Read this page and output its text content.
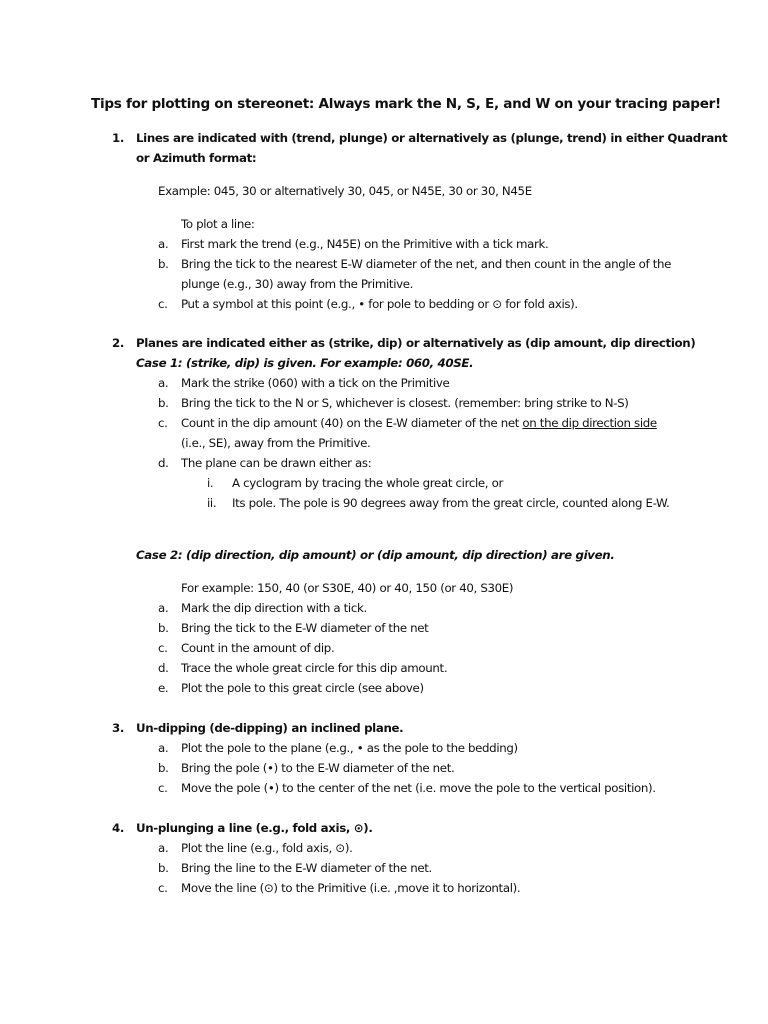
Tips for plotting on stereonet: Always mark the N, S, E, and W on your tracing paper!
1. Lines are indicated with (trend, plunge) or alternatively as (plunge, trend) in either Quadrant
or Azimuth format:
Example: 045, 30 or alternatively 30, 045, or N45E, 30 or 30, N45E
To plot a line:
a. First mark the trend (e.g., N45E) on the Primitive with a tick mark.
b. Bring the tick to the nearest E-W diameter of the net, and then count in the angle of the
plunge (e.g., 30) away from the Primitive.
c. Put a symbol at this point (e.g., • for pole to bedding or ⊙ for fold axis).
2. Planes are indicated either as (strike, dip) or alternatively as (dip amount, dip direction)
Case 1: (strike, dip) is given. For example: 060, 40SE.
a. Mark the strike (060) with a tick on the Primitive
b. Bring the tick to the N or S, whichever is closest. (remember: bring strike to N-S)
c. Count in the dip amount (40) on the E-W diameter of the net on the dip direction side
(i.e., SE), away from the Primitive.
d. The plane can be drawn either as:
i. A cyclogram by tracing the whole great circle, or
ii. Its pole. The pole is 90 degrees away from the great circle, counted along E-W.
Case 2: (dip direction, dip amount) or (dip amount, dip direction) are given.
For example: 150, 40 (or S30E, 40) or 40, 150 (or 40, S30E)
a. Mark the dip direction with a tick.
b. Bring the tick to the E-W diameter of the net
c. Count in the amount of dip.
d. Trace the whole great circle for this dip amount.
e. Plot the pole to this great circle (see above)
3. Un-dipping (de-dipping) an inclined plane.
a. Plot the pole to the plane (e.g., • as the pole to the bedding)
b. Bring the pole (•) to the E-W diameter of the net.
c. Move the pole (•) to the center of the net (i.e. move the pole to the vertical position).
4. Un-plunging a line (e.g., fold axis, ⊙).
a. Plot the line (e.g., fold axis, ⊙).
b. Bring the line to the E-W diameter of the net.
c. Move the line (⊙) to the Primitive (i.e. ,move it to horizontal).
